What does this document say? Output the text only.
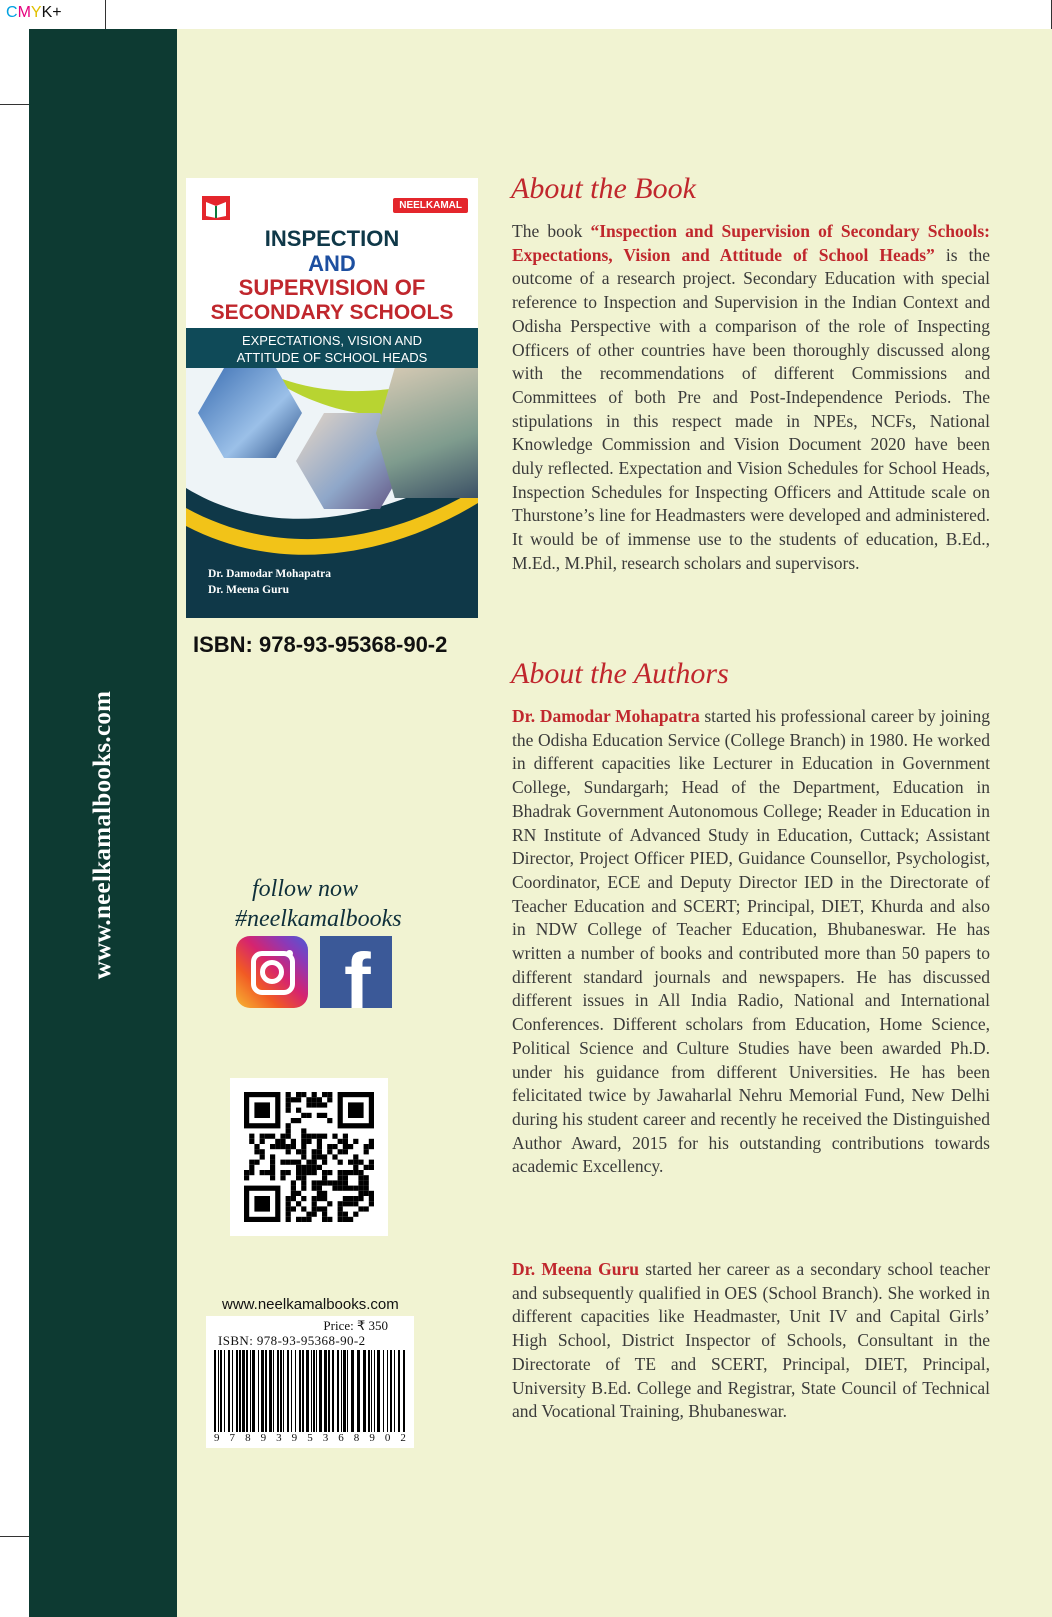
CMYK+
www.neelkamalbooks.com
NEELKAMAL
INSPECTION
AND
SUPERVISION OF
SECONDARY SCHOOLS
EXPECTATIONS, VISION AND
ATTITUDE OF SCHOOL HEADS
Dr. Damodar Mohapatra
Dr. Meena Guru
ISBN: 978-93-95368-90-2
follow now
#neelkamalbooks
f
www.neelkamalbooks.com
Price: ₹ 350
ISBN: 978-93-95368-90-2
9 7 8 9 3 9 5 3 6 8 9 0 2
About the Book

The book “Inspection and Supervision of Secondary Schools: Expectations, Vision and Attitude of School Heads” is the outcome of a research project. Secondary Education with special reference to Inspection and Supervision in the Indian Context and Odisha Perspective with a comparison of the role of Inspecting Officers of other countries have been thoroughly discussed along with the recommendations of different Commissions and Committees of both Pre and Post-Independence Periods. The stipulations in this respect made in NPEs, NCFs, National Knowledge Commission and Vision Document 2020 have been duly reflected. Expectation and Vision Schedules for School Heads, Inspection Schedules for Inspecting Officers and Attitude scale on Thurstone’s line for Headmasters were developed and administered. It would be of immense use to the students of education, B.Ed., M.Ed., M.Phil, research scholars and supervisors.

About the Authors

Dr. Damodar Mohapatra started his professional career by joining the Odisha Education Service (College Branch) in 1980. He worked in different capacities like Lecturer in Education in Government College, Sundargarh; Head of the Department, Education in Bhadrak Government Autonomous College; Reader in Education in RN Institute of Advanced Study in Education, Cuttack; Assistant Director, Project Officer PIED, Guidance Counsellor, Psychologist, Coordinator, ECE and Deputy Director IED in the Directorate of Teacher Education and SCERT; Principal, DIET, Khurda and also in NDW College of Teacher Education, Bhubaneswar. He has written a number of books and contributed more than 50 papers to different standard journals and newspapers. He has discussed different issues in All India Radio, National and International Conferences. Different scholars from Education, Home Science, Political Science and Culture Studies have been awarded Ph.D. under his guidance from different Universities. He has been felicitated twice by Jawaharlal Nehru Memorial Fund, New Delhi during his student career and recently he received the Distinguished Author Award, 2015 for his outstanding contributions towards academic Excellency.

Dr. Meena Guru started her career as a secondary school teacher and subsequently qualified in OES (School Branch). She worked in different capacities like Headmaster, Unit IV and Capital Girls’ High School, District Inspector of Schools, Consultant in the Directorate of TE and SCERT, Principal, DIET, Principal, University B.Ed. College and Registrar, State Council of Technical and Vocational Training, Bhubaneswar.
